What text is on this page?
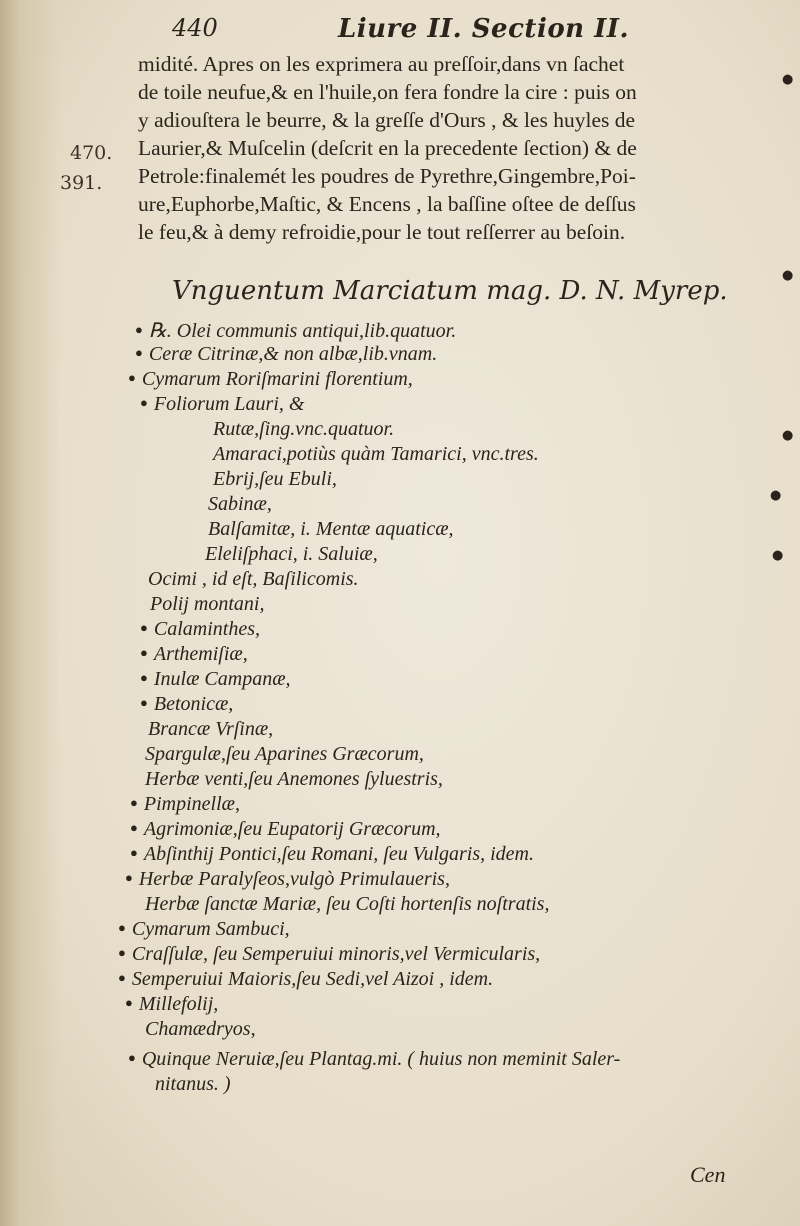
440	Liure II. Section II.
470.
391.
midité. Apres on les exprimera au preſſoir,dans vn ſachet
de toile neufue,& en l'huile,on fera fondre la cire : puis on
y adiouſtera le beurre, & la greſſe d'Ours , & les huyles de
Laurier,& Muſcelin (deſcrit en la precedente ſection) & de
Petrole:finalemét les poudres de Pyrethre,Gingembre,Poi-
ure,Euphorbe,Maſtic, & Encens , la baſſine oſtee de deſſus
le feu,& à demy refroidie,pour le tout reſſerrer au beſoin.
Vnguentum Marciatum mag. D. N. Myrep.
● ℞. Olei communis antiqui,lib.quatuor.
● Ceræ Citrinæ,& non albæ,lib.vnam.
● Cymarum Roriſmarini florentium,
● Foliorum Lauri, &
Rutæ,ſing.vnc.quatuor.
Amaraci,potiùs quàm Tamarici, vnc.tres.
Ebrij,ſeu Ebuli,
Sabinæ,
Balſamitæ, i. Mentæ aquaticæ,
Eleliſphaci, i. Saluiæ,
Ocimi , id eſt, Baſilicomis.
Polij montani,
● Calaminthes,
● Arthemiſiæ,
● Inulæ Campanæ,
● Betonicæ,
Brancæ Vrſinæ,
Spargulæ,ſeu Aparines Græcorum,
Herbæ venti,ſeu Anemones ſyluestris,
● Pimpinellæ,
● Agrimoniæ,ſeu Eupatorij Græcorum,
● Abſinthij Pontici,ſeu Romani, ſeu Vulgaris, idem.
● Herbæ Paralyſeos,vulgò Primulaueris,
Herbæ ſanctæ Mariæ, ſeu Coſti hortenſis noſtratis,
● Cymarum Sambuci,
● Craſſulæ, ſeu Semperuiui minoris,vel Vermicularis,
● Semperuiui Maioris,ſeu Sedi,vel Aizoi , idem.
● Millefolij,
Chamædryos,
● Quinque Neruiæ,ſeu Plantag.mi. ( huius non meminit Saler-
nitanus. )
Cen
●
●
●
●
●
